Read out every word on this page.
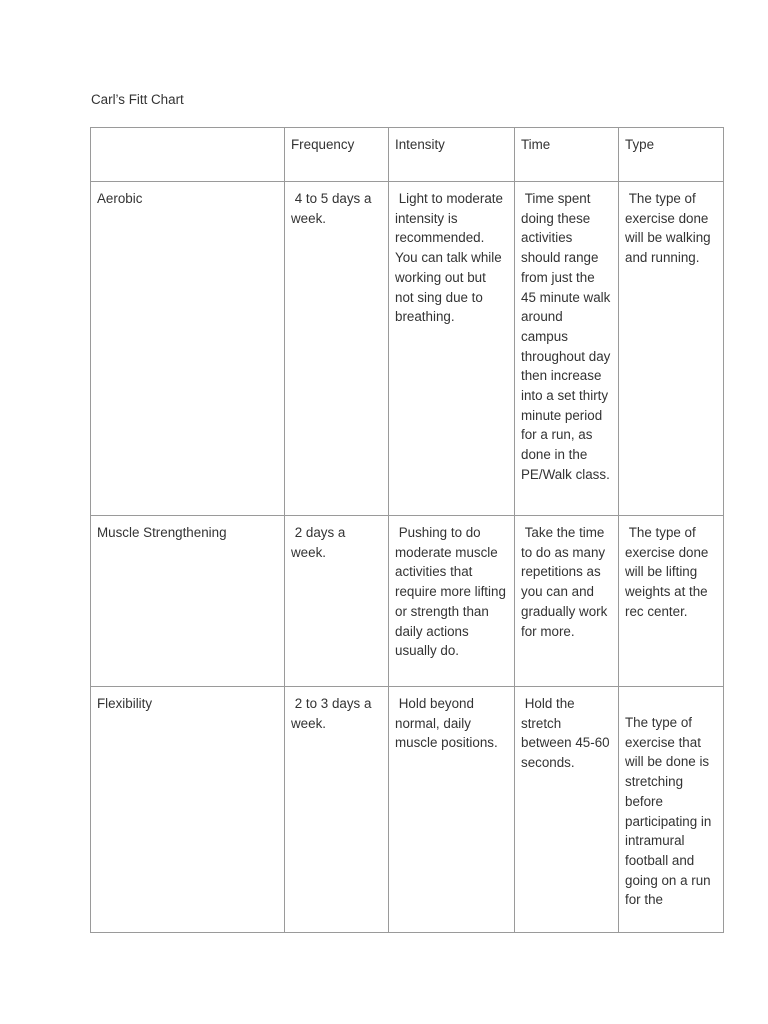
Carl’s Fitt Chart
	Frequency	Intensity	Time	Type
Aerobic	4 to 5 days a week.	Light to moderate intensity is recommended. You can talk while working out but not sing due to breathing.	Time spent doing these activities should range from just the 45 minute walk around campus throughout day then increase into a set thirty minute period for a run, as done in the PE/Walk class.	The type of exercise done will be walking and running.
Muscle Strengthening	2 days a week.	Pushing to do moderate muscle activities that require more lifting or strength than daily actions usually do.	Take the time to do as many repetitions as you can and gradually work for more.	The type of exercise done will be lifting weights at the rec center.
Flexibility	2 to 3 days a week.	Hold beyond normal, daily muscle positions.	Hold the stretch between 45-60 seconds.	The type of exercise that will be done is stretching before participating in intramural football and going on a run for the
